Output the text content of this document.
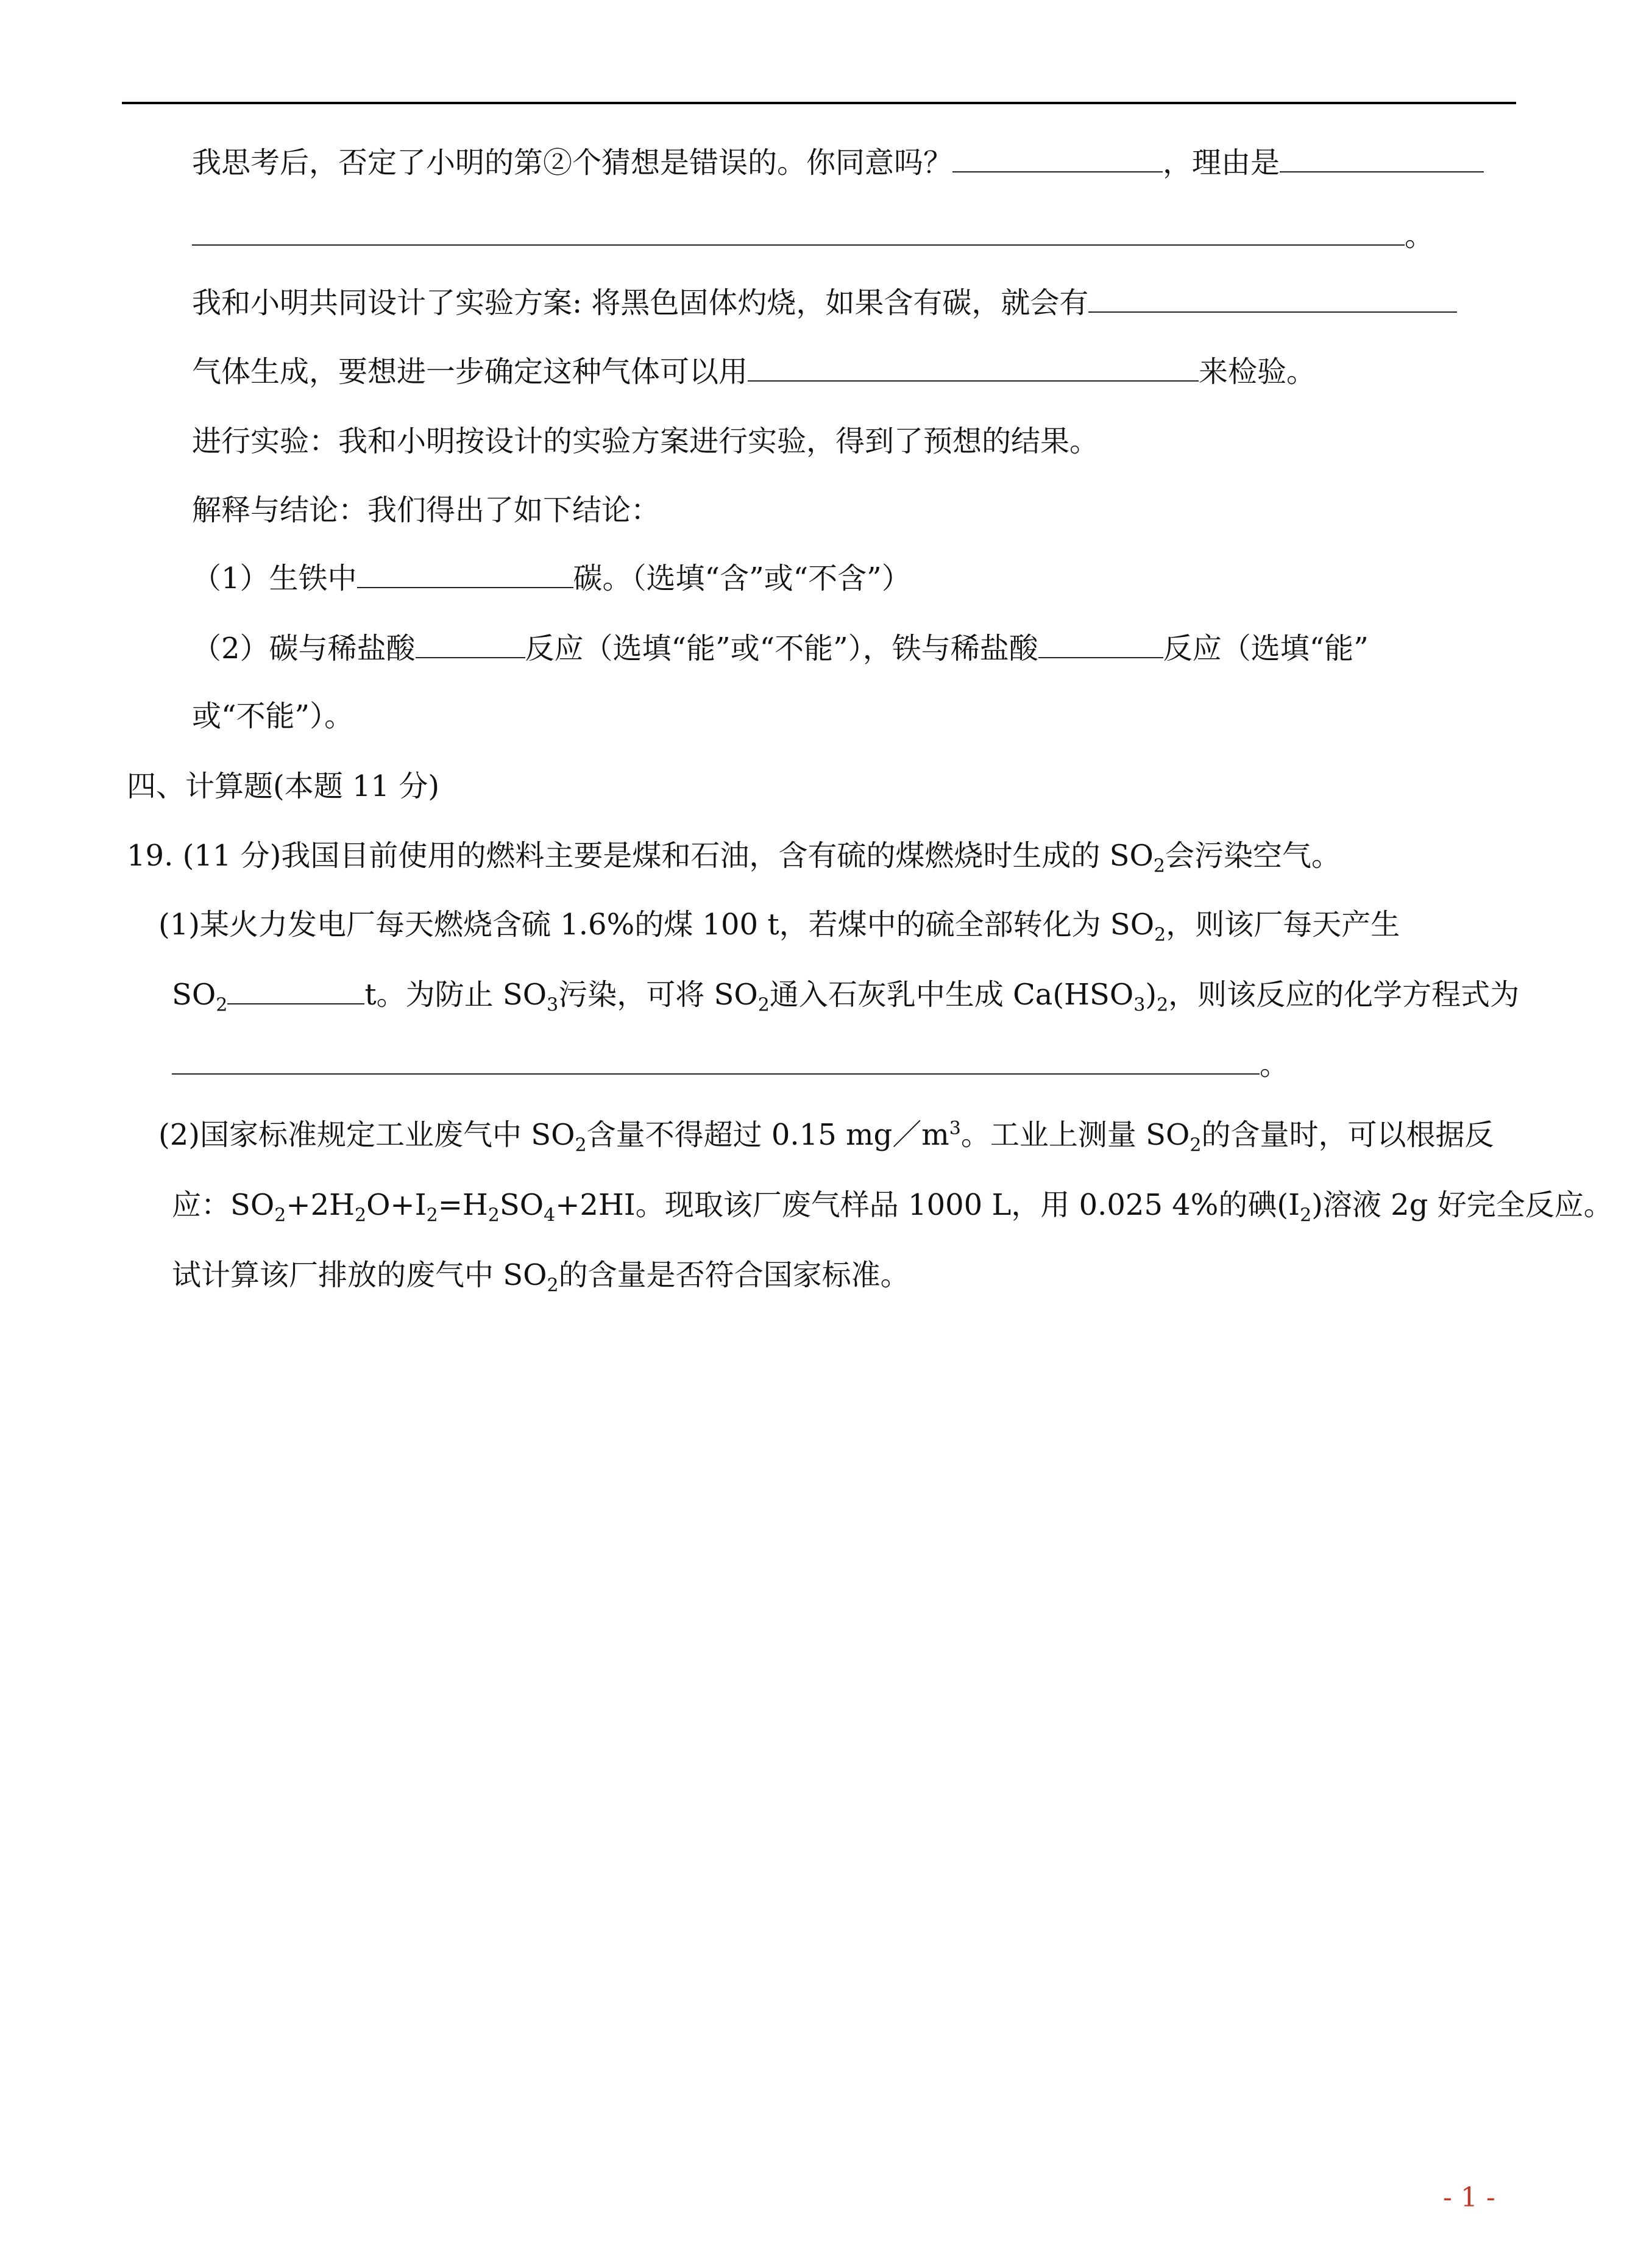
我思考后，否定了小明的第②个猜想是错误的。你同意吗？	，理由是
。
我和小明共同设计了实验方案: 将黑色固体灼烧，如果含有碳，就会有
气体生成，要想进一步确定这种气体可以用	来检验。
进行实验：我和小明按设计的实验方案进行实验，得到了预想的结果。
解释与结论：我们得出了如下结论：
（1）生铁中	碳。（选填“含”或“不含”）
（2）碳与稀盐酸	反应（选填“能”或“不能”），铁与稀盐酸	反应（选填“能”
或“不能”）。
四、计算题(本题 11 分)
19. (11 分)我国目前使用的燃料主要是煤和石油，含有硫的煤燃烧时生成的 $SO_2$会污染空气。
(1)某火力发电厂每天燃烧含硫 1.6%的煤 100 t，若煤中的硫全部转化为 $SO_2$，则该厂每天产生
$SO_2$	t。为防止 $SO_3$污染，可将 $SO_2$通入石灰乳中生成 $Ca(HSO_3)_2$，则该反应的化学方程式为
。
(2)国家标准规定工业废气中 $SO_2$含量不得超过 0.15 $mg/m^3$。工业上测量 $SO_2$的含量时，可以根据反
应：$SO_2+2H_2O+I_2=H_2SO_4+2HI$。现取该厂废气样品 1000 L，用 0.025 4%的碘$(I_2)$溶液 2g 好完全反应。
试计算该厂排放的废气中 $SO_2$的含量是否符合国家标准。
- 1 -
